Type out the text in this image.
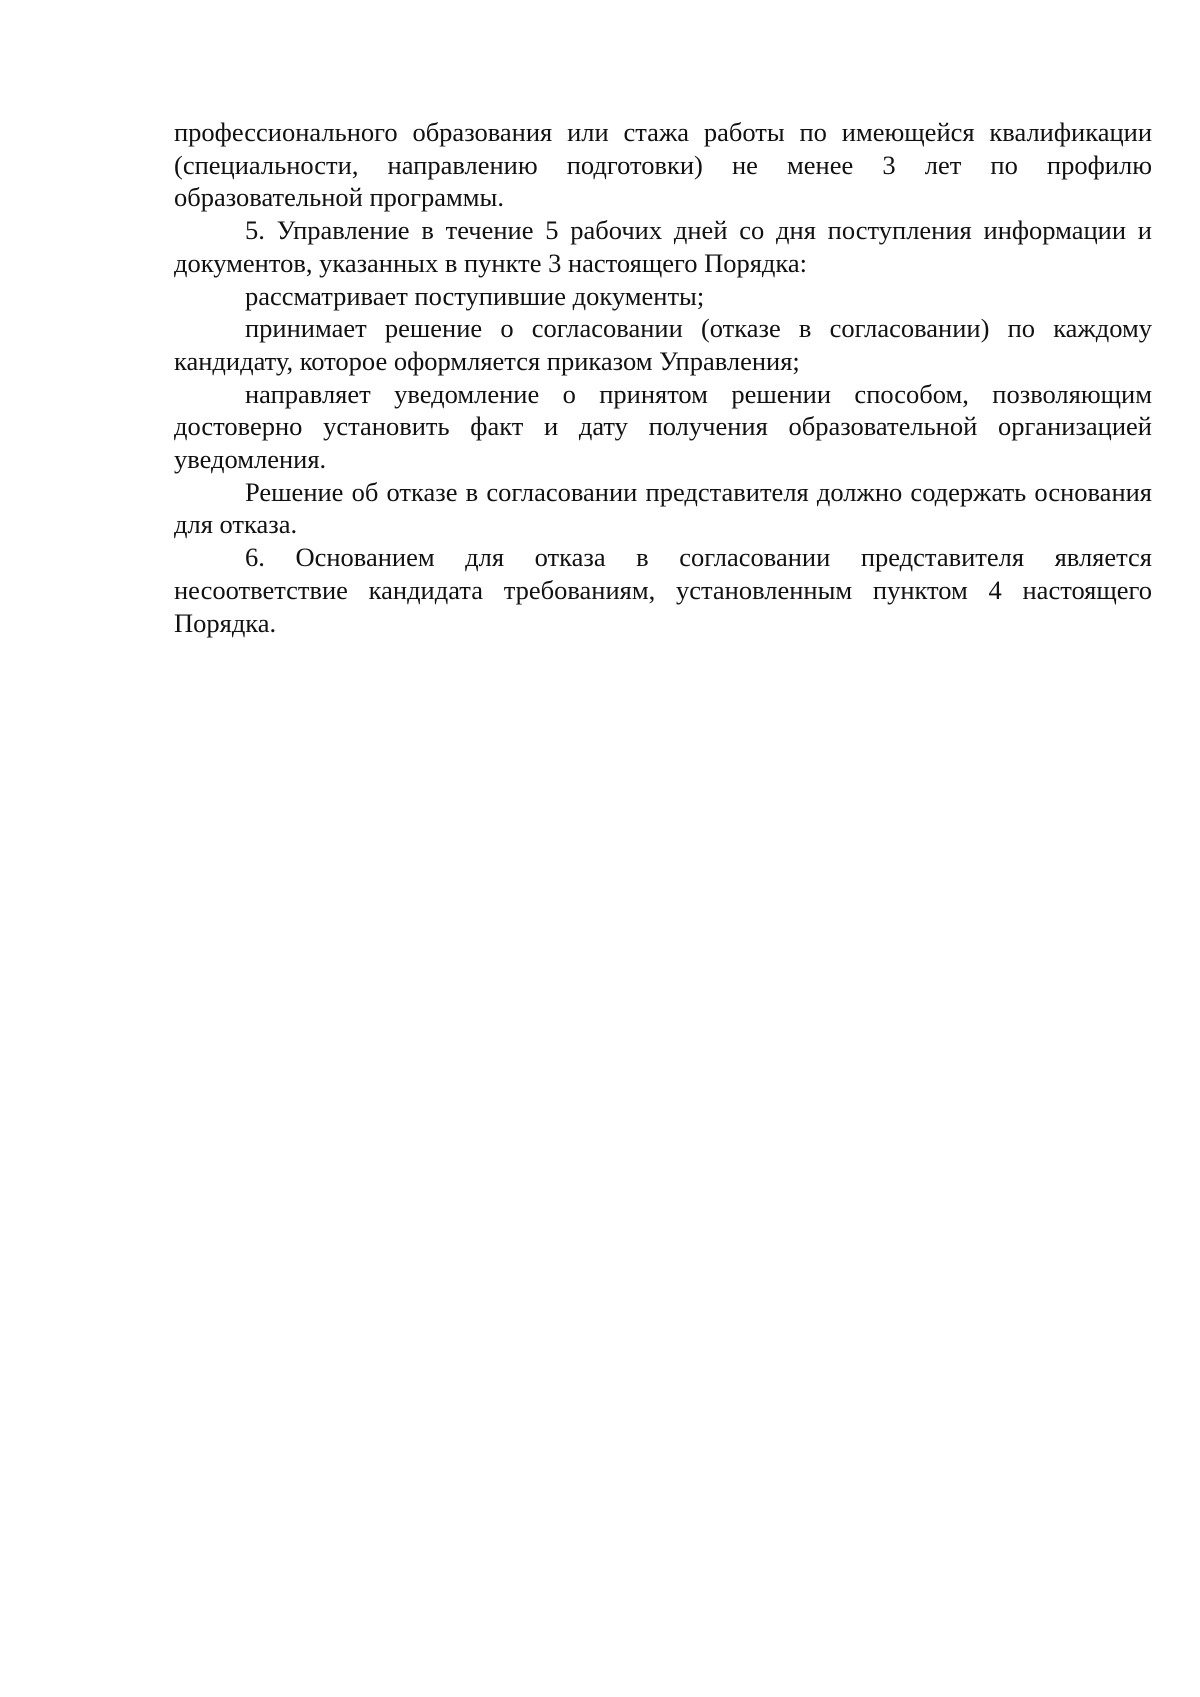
профессионального образования или стажа работы по имеющейся квалификации (специальности, направлению подготовки) не менее 3 лет по профилю образовательной программы.

5. Управление в течение 5 рабочих дней со дня поступления информации и документов, указанных в пункте 3 настоящего Порядка:

рассматривает поступившие документы;

принимает решение о согласовании (отказе в согласовании) по каждому кандидату, которое оформляется приказом Управления;

направляет уведомление о принятом решении способом, позволяющим достоверно установить факт и дату получения образовательной организацией уведомления.

Решение об отказе в согласовании представителя должно содержать основания для отказа.

6. Основанием для отказа в согласовании представителя является несоответствие кандидата требованиям, установленным пунктом 4 настоящего Порядка.
